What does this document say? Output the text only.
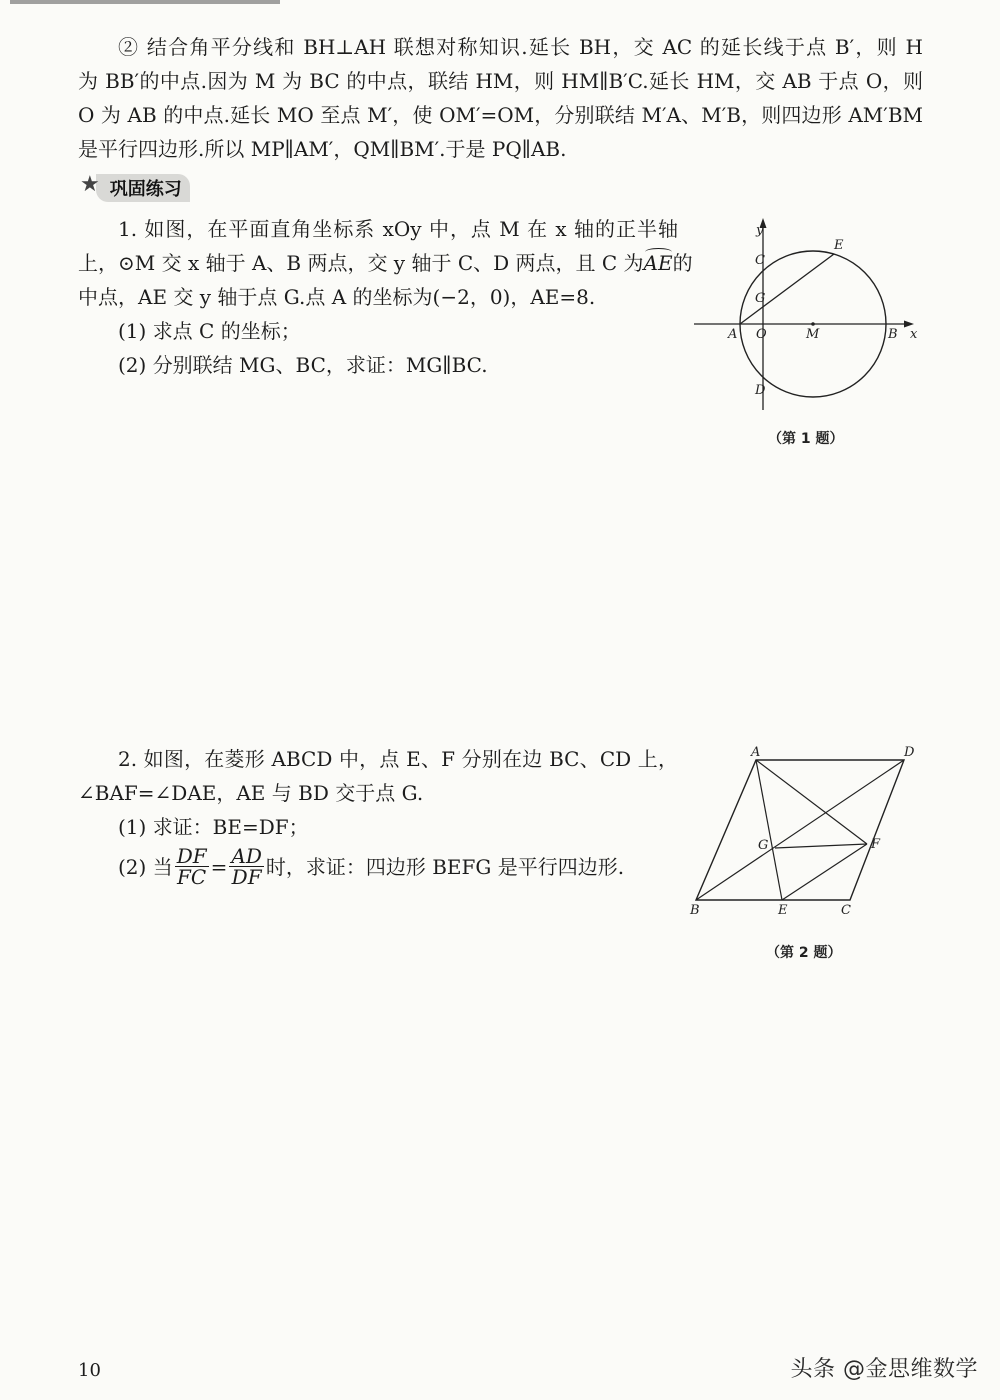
② 结合角平分线和 BH⊥AH 联想对称知识.延长 BH，交 AC 的延长线于点 B′，则 H
为 BB′的中点.因为 M 为 BC 的中点，联结 HM，则 HM∥B′C.延长 HM，交 AB 于点 O，则
O 为 AB 的中点.延长 MO 至点 M′，使 OM′=OM，分别联结 M′A、M′B，则四边形 AM′BM
是平行四边形.所以 MP∥AM′，QM∥BM′.于是 PQ∥AB.
★ 巩固练习
1. 如图，在平面直角坐标系 xOy 中，点 M 在 x 轴的正半轴
上，⊙M 交 x 轴于 A、B 两点，交 y 轴于 C、D 两点，且 C 为AE的
中点，AE 交 y 轴于点 G.点 A 的坐标为(−2，0)，AE=8.
(1) 求点 C 的坐标；
(2) 分别联结 MG、BC，求证：MG∥BC.
y
x
C
E
G
A O	M	B
D
（第 1 题）
2. 如图，在菱形 ABCD 中，点 E、F 分别在边 BC、CD 上，
∠BAF=∠DAE，AE 与 BD 交于点 G.
(1) 求证：BE=DF；
(2) 当 $\frac{DF}{FC} = \frac{AD}{DF}$ 时，求证：四边形 BEFG 是平行四边形.
A	D
G	F
B	E	C
（第 2 题）
10	头条 @金思维数学
